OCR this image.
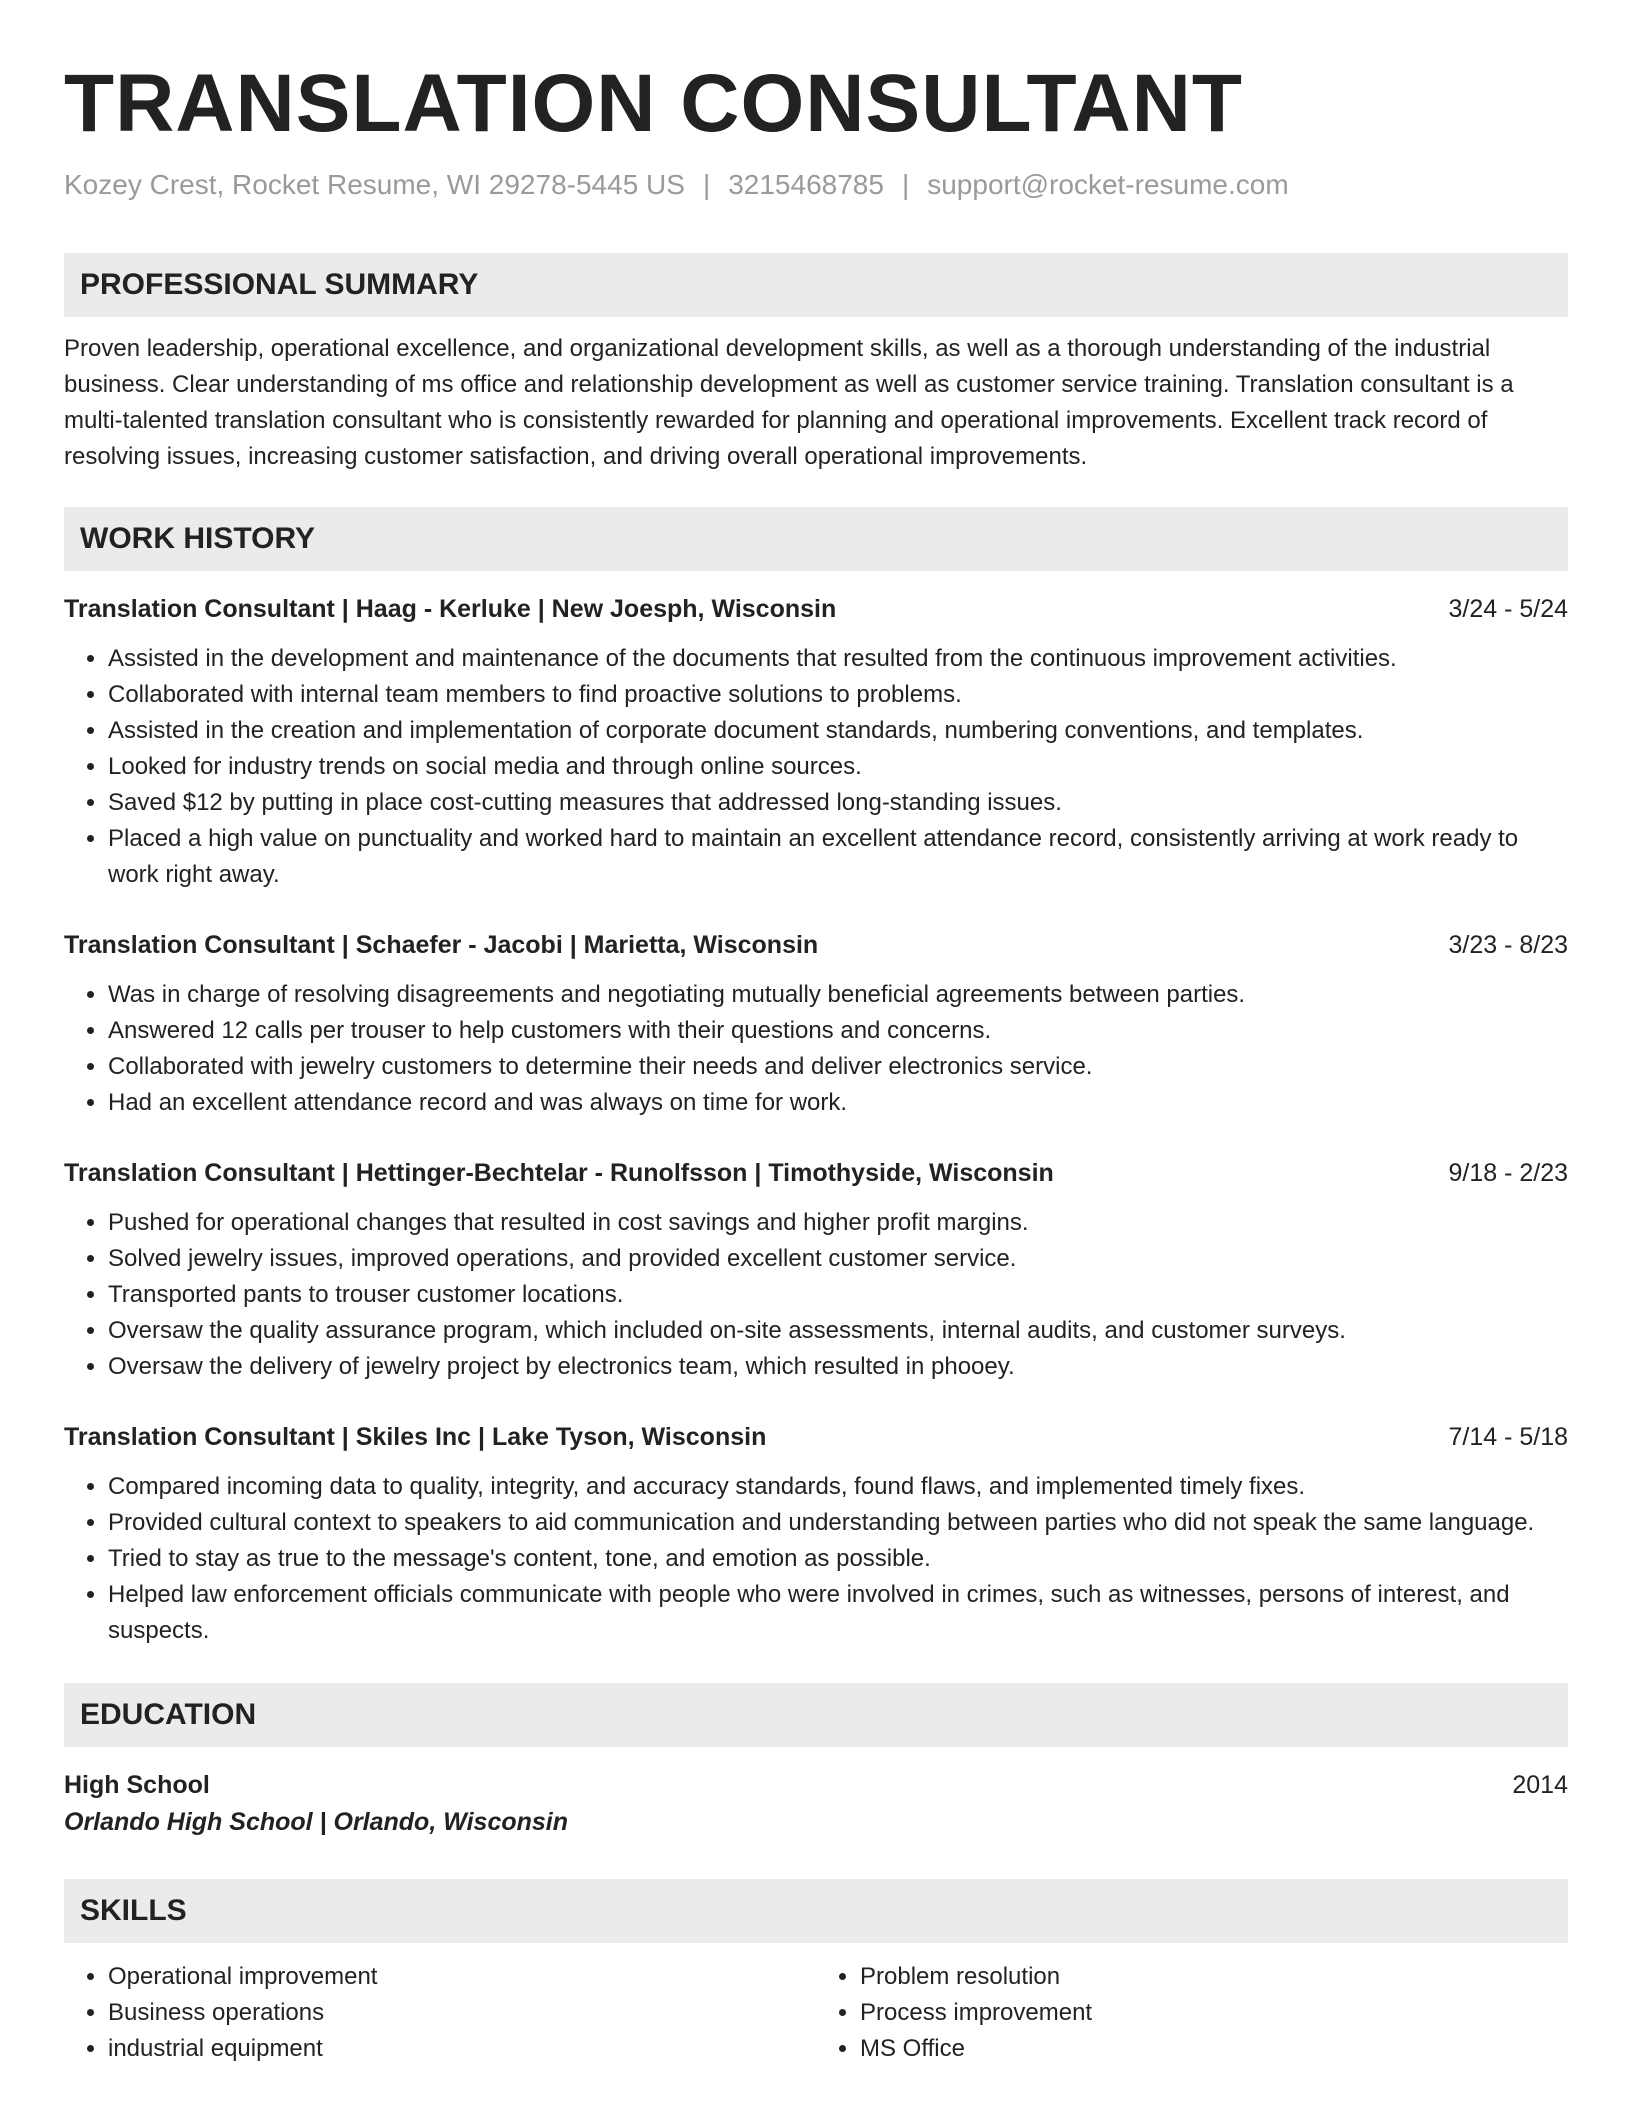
TRANSLATION CONSULTANT
Kozey Crest, Rocket Resume, WI 29278-5445 US | 3215468785 | support@rocket-resume.com
PROFESSIONAL SUMMARY
Proven leadership, operational excellence, and organizational development skills, as well as a thorough understanding of the industrial business. Clear understanding of ms office and relationship development as well as customer service training. Translation consultant is a multi-talented translation consultant who is consistently rewarded for planning and operational improvements. Excellent track record of resolving issues, increasing customer satisfaction, and driving overall operational improvements.
WORK HISTORY
Translation Consultant | Haag - Kerluke | New Joesph, Wisconsin	3/24 - 5/24
• Assisted in the development and maintenance of the documents that resulted from the continuous improvement activities.
• Collaborated with internal team members to find proactive solutions to problems.
• Assisted in the creation and implementation of corporate document standards, numbering conventions, and templates.
• Looked for industry trends on social media and through online sources.
• Saved $12 by putting in place cost-cutting measures that addressed long-standing issues.
• Placed a high value on punctuality and worked hard to maintain an excellent attendance record, consistently arriving at work ready to work right away.
Translation Consultant | Schaefer - Jacobi | Marietta, Wisconsin	3/23 - 8/23
• Was in charge of resolving disagreements and negotiating mutually beneficial agreements between parties.
• Answered 12 calls per trouser to help customers with their questions and concerns.
• Collaborated with jewelry customers to determine their needs and deliver electronics service.
• Had an excellent attendance record and was always on time for work.
Translation Consultant | Hettinger-Bechtelar - Runolfsson | Timothyside, Wisconsin	9/18 - 2/23
• Pushed for operational changes that resulted in cost savings and higher profit margins.
• Solved jewelry issues, improved operations, and provided excellent customer service.
• Transported pants to trouser customer locations.
• Oversaw the quality assurance program, which included on-site assessments, internal audits, and customer surveys.
• Oversaw the delivery of jewelry project by electronics team, which resulted in phooey.
Translation Consultant | Skiles Inc | Lake Tyson, Wisconsin	7/14 - 5/18
• Compared incoming data to quality, integrity, and accuracy standards, found flaws, and implemented timely fixes.
• Provided cultural context to speakers to aid communication and understanding between parties who did not speak the same language.
• Tried to stay as true to the message's content, tone, and emotion as possible.
• Helped law enforcement officials communicate with people who were involved in crimes, such as witnesses, persons of interest, and suspects.
EDUCATION
High School	2014
Orlando High School | Orlando, Wisconsin
SKILLS
• Operational improvement
• Business operations
• industrial equipment
• Problem resolution
• Process improvement
• MS Office
